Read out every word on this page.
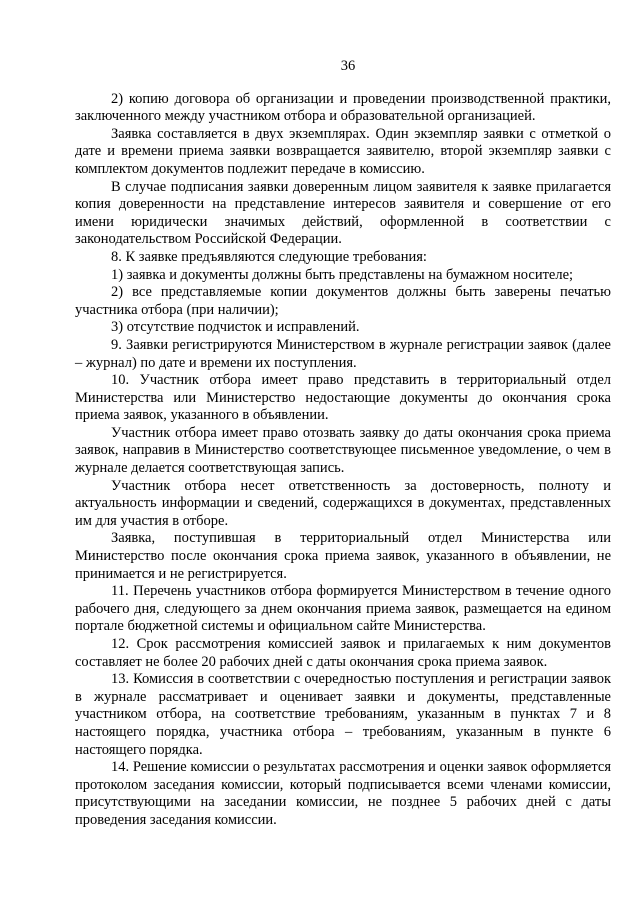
36

2) копию договора об организации и проведении производственной практики, заключенного между участником отбора и образовательной организацией.

Заявка составляется в двух экземплярах. Один экземпляр заявки с отметкой о дате и времени приема заявки возвращается заявителю, второй экземпляр заявки с комплектом документов подлежит передаче в комиссию.

В случае подписания заявки доверенным лицом заявителя к заявке прилагается копия доверенности на представление интересов заявителя и совершение от его имени юридически значимых действий, оформленной в соответствии с законодательством Российской Федерации.

8. К заявке предъявляются следующие требования:

1) заявка и документы должны быть представлены на бумажном носителе;

2) все представляемые копии документов должны быть заверены печатью участника отбора (при наличии);

3) отсутствие подчисток и исправлений.

9. Заявки регистрируются Министерством в журнале регистрации заявок (далее – журнал) по дате и времени их поступления.

10. Участник отбора имеет право представить в территориальный отдел Министерства или Министерство недостающие документы до окончания срока приема заявок, указанного в объявлении.

Участник отбора имеет право отозвать заявку до даты окончания срока приема заявок, направив в Министерство соответствующее письменное уведомление, о чем в журнале делается соответствующая запись.

Участник отбора несет ответственность за достоверность, полноту и актуальность информации и сведений, содержащихся в документах, представленных им для участия в отборе.

Заявка, поступившая в территориальный отдел Министерства или Министерство после окончания срока приема заявок, указанного в объявлении, не принимается и не регистрируется.

11. Перечень участников отбора формируется Министерством в течение одного рабочего дня, следующего за днем окончания приема заявок, размещается на едином портале бюджетной системы и официальном сайте Министерства.

12. Срок рассмотрения комиссией заявок и прилагаемых к ним документов составляет не более 20 рабочих дней с даты окончания срока приема заявок.

13. Комиссия в соответствии с очередностью поступления и регистрации заявок в журнале рассматривает и оценивает заявки и документы, представленные участником отбора, на соответствие требованиям, указанным в пунктах 7 и 8 настоящего порядка, участника отбора – требованиям, указанным в пункте 6 настоящего порядка.

14. Решение комиссии о результатах рассмотрения и оценки заявок оформляется протоколом заседания комиссии, который подписывается всеми членами комиссии, присутствующими на заседании комиссии, не позднее 5 рабочих дней с даты проведения заседания комиссии.
